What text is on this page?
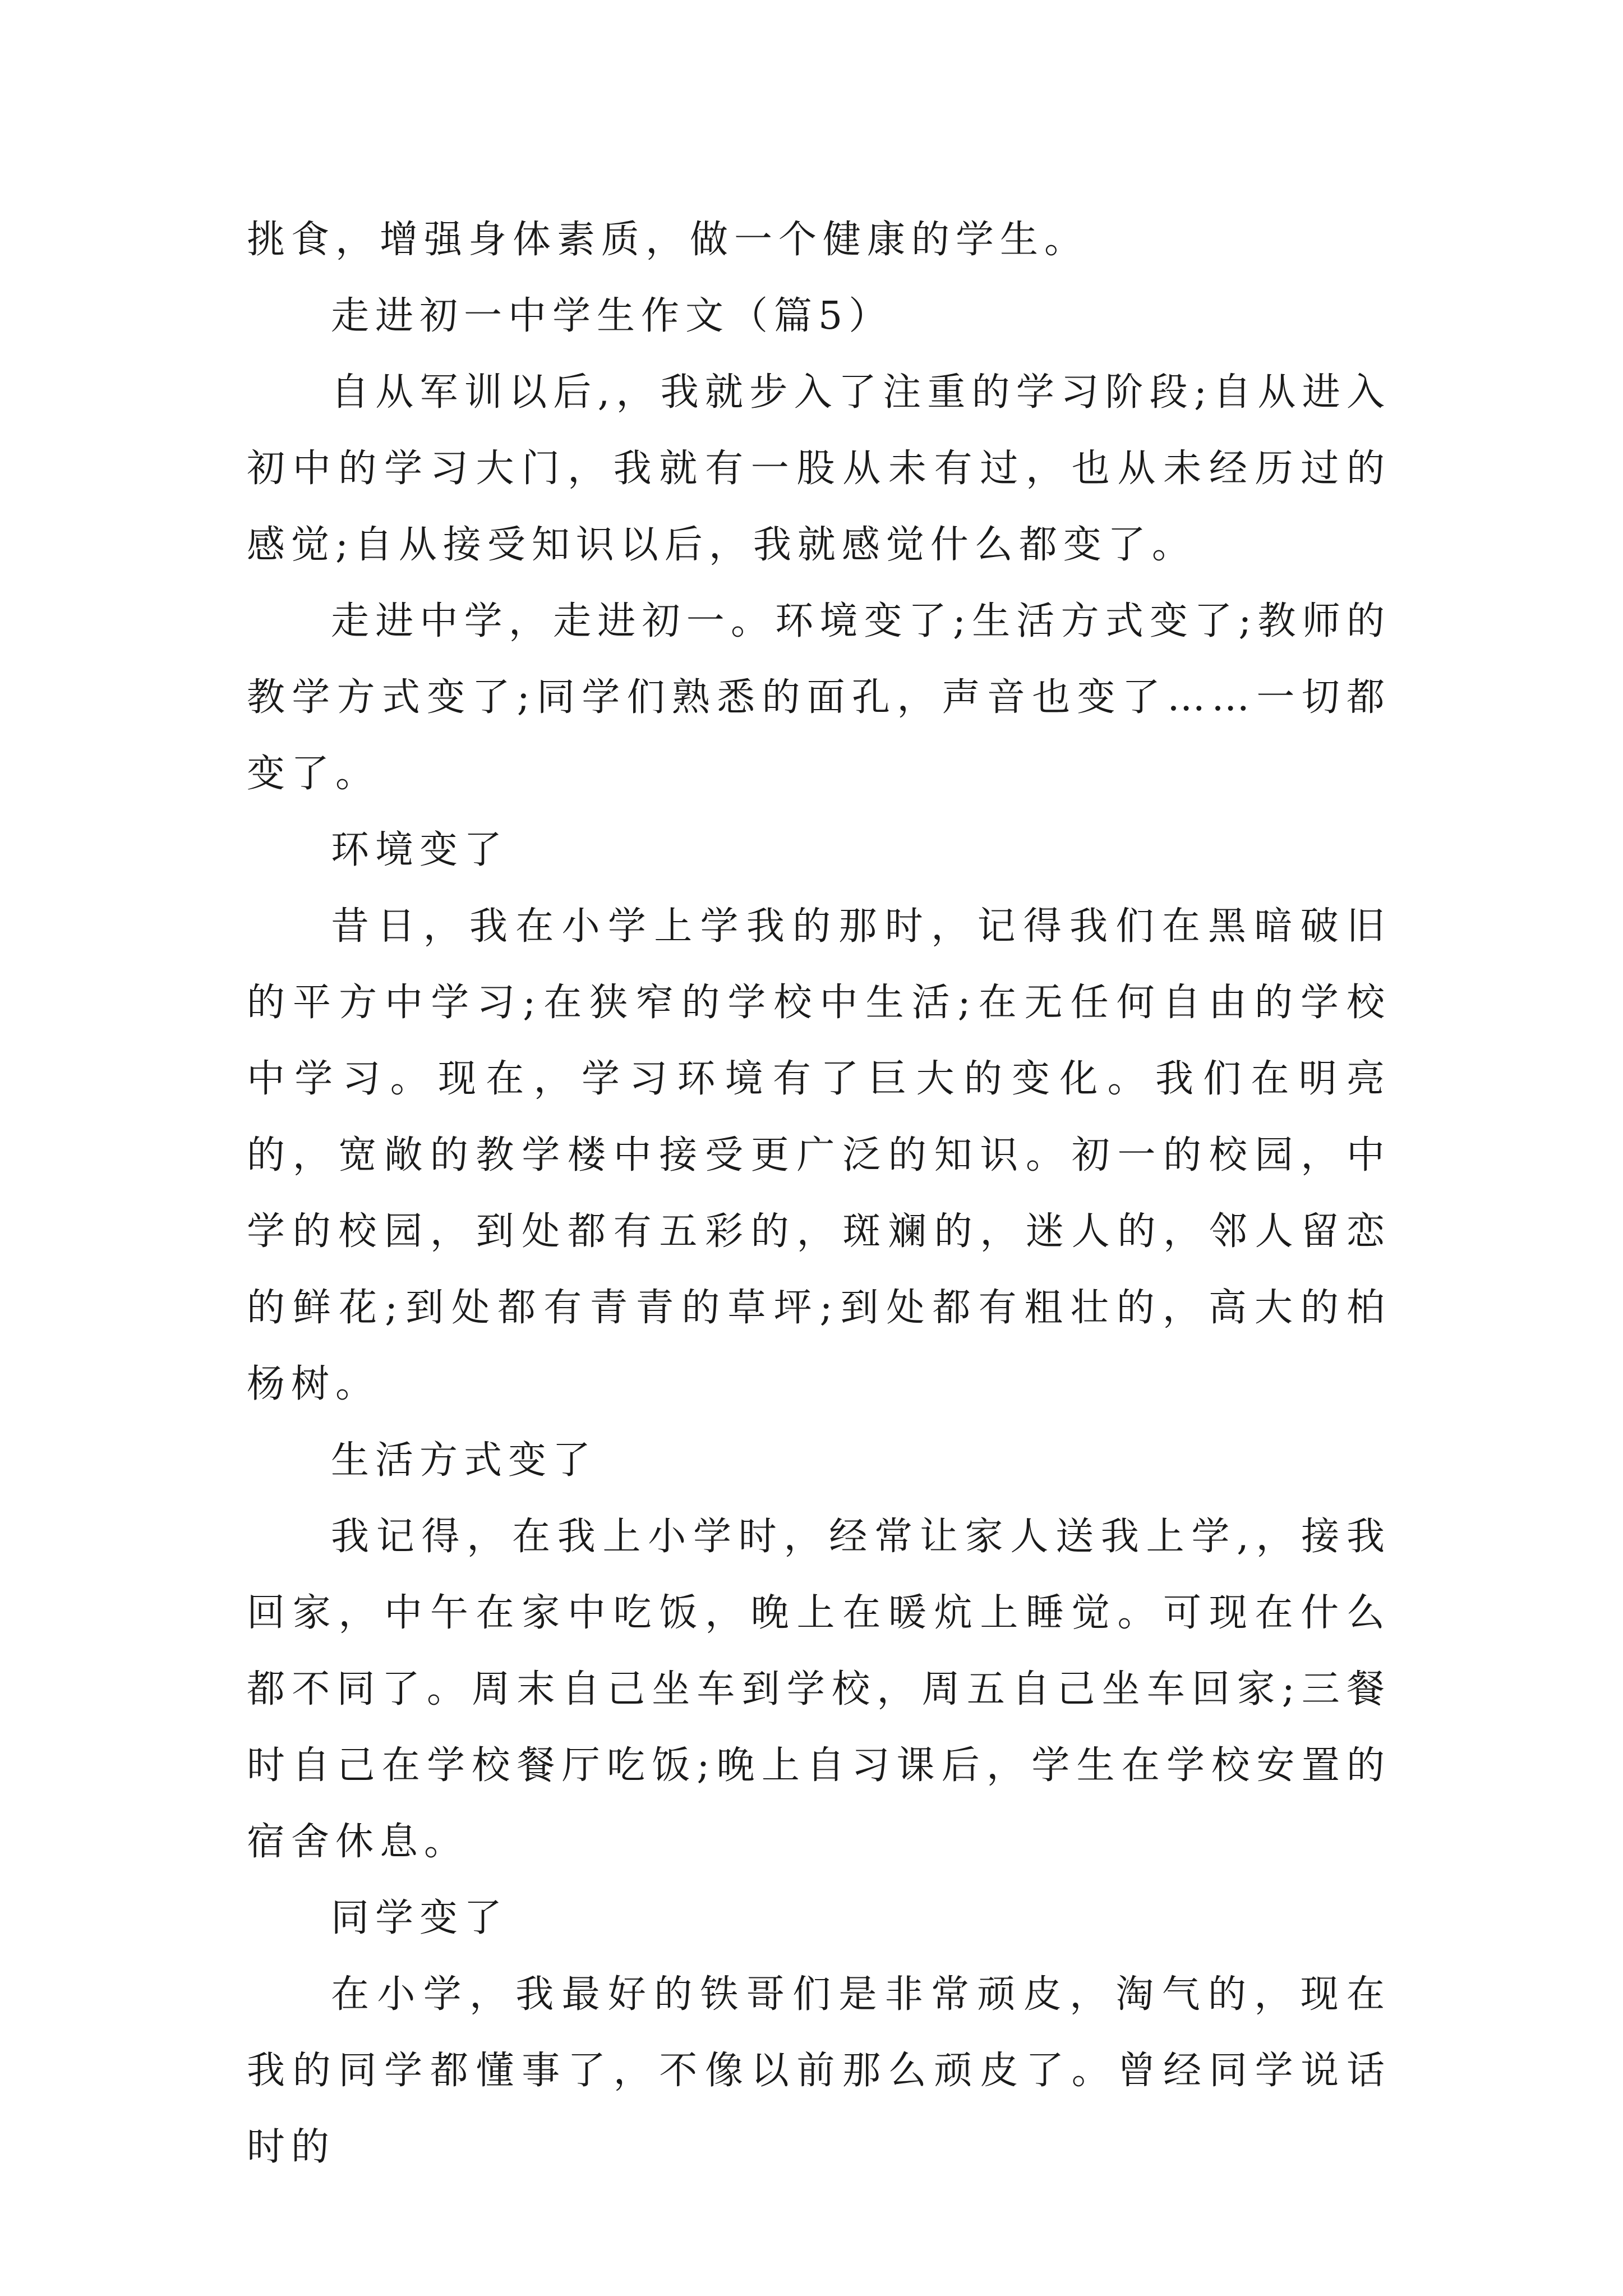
挑食，增强身体素质，做一个健康的学生。

走进初一中学生作文（篇5）

自从军训以后,，我就步入了注重的学习阶段;自从进入初中的学习大门，我就有一股从未有过，也从未经历过的感觉;自从接受知识以后，我就感觉什么都变了。

走进中学，走进初一。环境变了;生活方式变了;教师的教学方式变了;同学们熟悉的面孔，声音也变了……一切都变了。

环境变了

昔日，我在小学上学我的那时，记得我们在黑暗破旧的平方中学习;在狭窄的学校中生活;在无任何自由的学校中学习。现在，学习环境有了巨大的变化。我们在明亮的，宽敞的教学楼中接受更广泛的知识。初一的校园，中学的校园，到处都有五彩的，斑斓的，迷人的，邻人留恋的鲜花;到处都有青青的草坪;到处都有粗壮的，高大的柏杨树。

生活方式变了

我记得，在我上小学时，经常让家人送我上学,，接我回家，中午在家中吃饭，晚上在暖炕上睡觉。可现在什么都不同了。周末自己坐车到学校，周五自己坐车回家;三餐时自己在学校餐厅吃饭;晚上自习课后，学生在学校安置的宿舍休息。

同学变了

在小学，我最好的铁哥们是非常顽皮，淘气的，现在我的同学都懂事了，不像以前那么顽皮了。曾经同学说话时的
